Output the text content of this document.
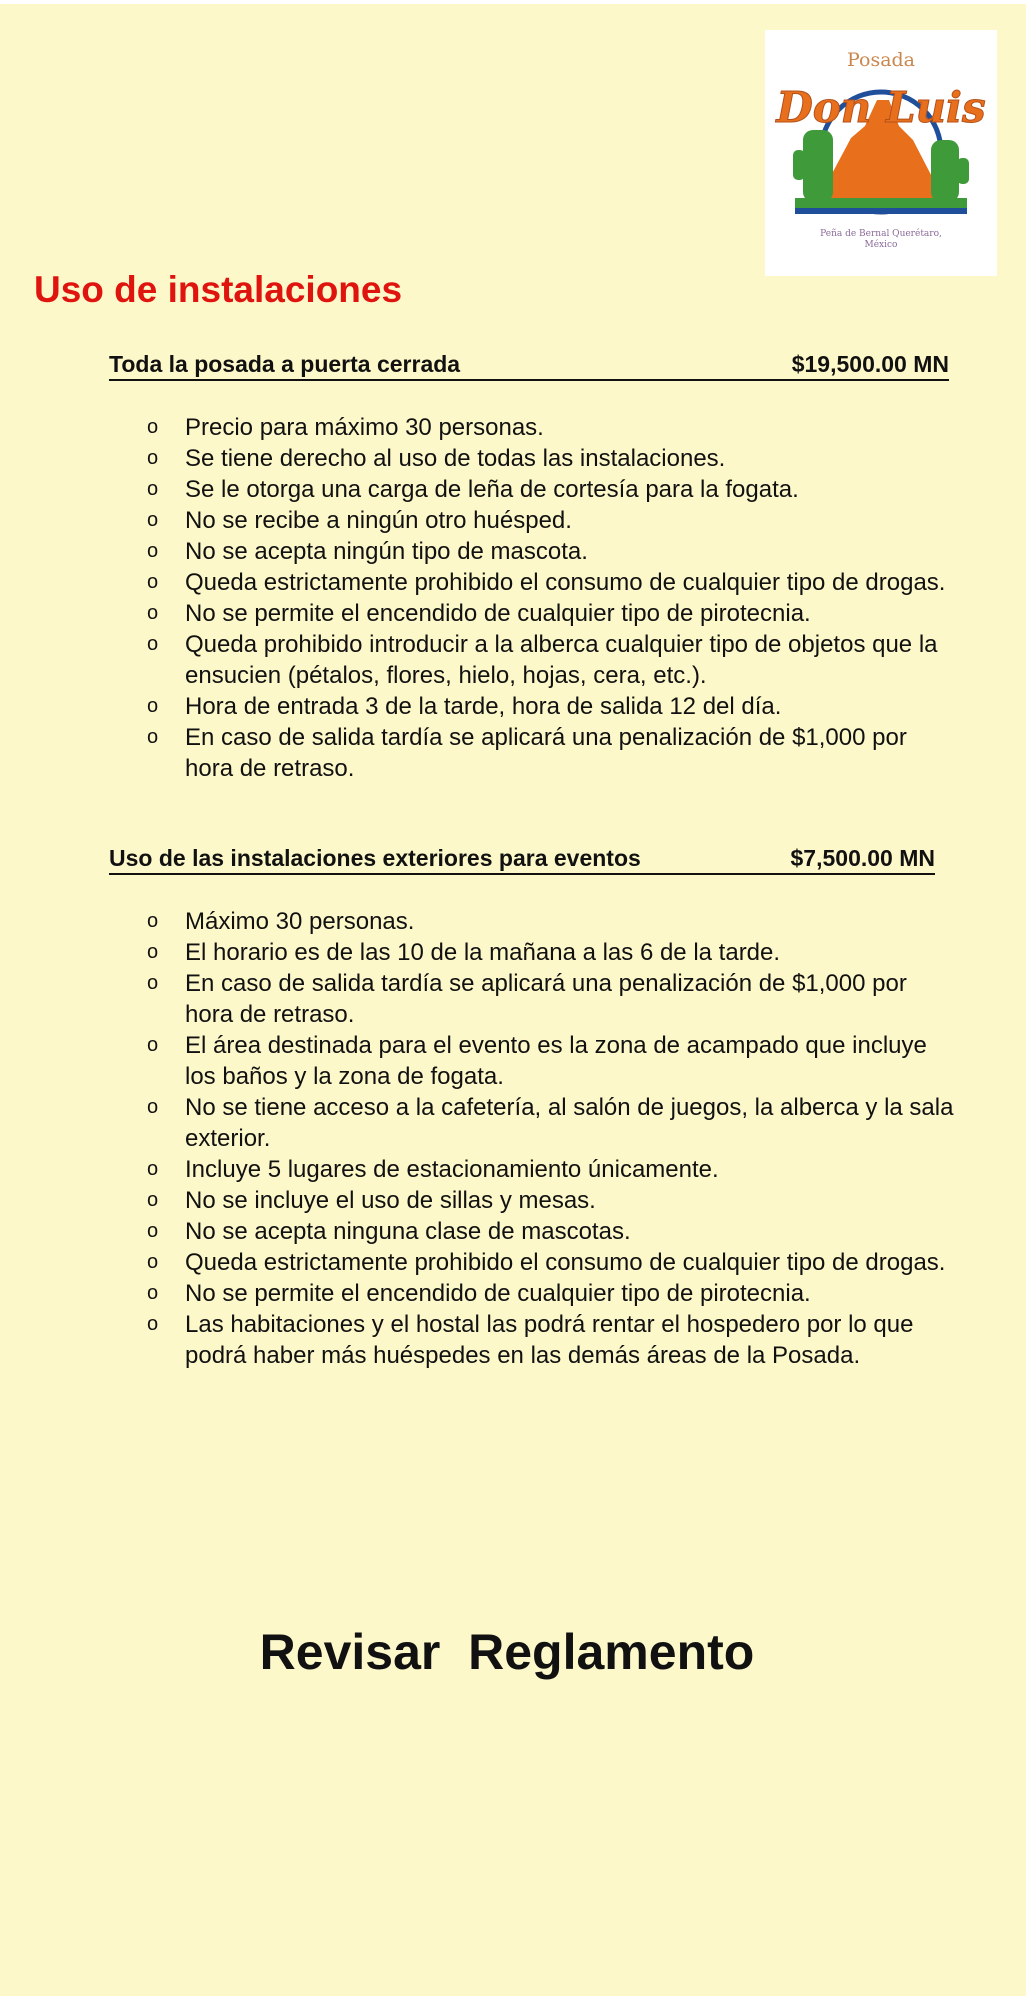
Posada
Don Luis
Peña de Bernal Querétaro,
México
Uso de instalaciones
Toda la posada a puerta cerrada	$19,500.00 MN
o Precio para máximo 30 personas.
o Se tiene derecho al uso de todas las instalaciones.
o Se le otorga una carga de leña de cortesía para la fogata.
o No se recibe a ningún otro huésped.
o No se acepta ningún tipo de mascota.
o Queda estrictamente prohibido el consumo de cualquier tipo de drogas.
o No se permite el encendido de cualquier tipo de pirotecnia.
o Queda prohibido introducir a la alberca cualquier tipo de objetos que la ensucien (pétalos, flores, hielo, hojas, cera, etc.).
o Hora de entrada 3 de la tarde, hora de salida 12 del día.
o En caso de salida tardía se aplicará una penalización de $1,000 por hora de retraso.
Uso de las instalaciones exteriores para eventos	$7,500.00 MN
o Máximo 30 personas.
o El horario es de las 10 de la mañana a las 6 de la tarde.
o En caso de salida tardía se aplicará una penalización de $1,000 por hora de retraso.
o El área destinada para el evento es la zona de acampado que incluye los baños y la zona de fogata.
o No se tiene acceso a la cafetería, al salón de juegos, la alberca y la sala exterior.
o Incluye 5 lugares de estacionamiento únicamente.
o No se incluye el uso de sillas y mesas.
o No se acepta ninguna clase de mascotas.
o Queda estrictamente prohibido el consumo de cualquier tipo de drogas.
o No se permite el encendido de cualquier tipo de pirotecnia.
o Las habitaciones y el hostal las podrá rentar el hospedero por lo que podrá haber más huéspedes en las demás áreas de la Posada.
Revisar  Reglamento
